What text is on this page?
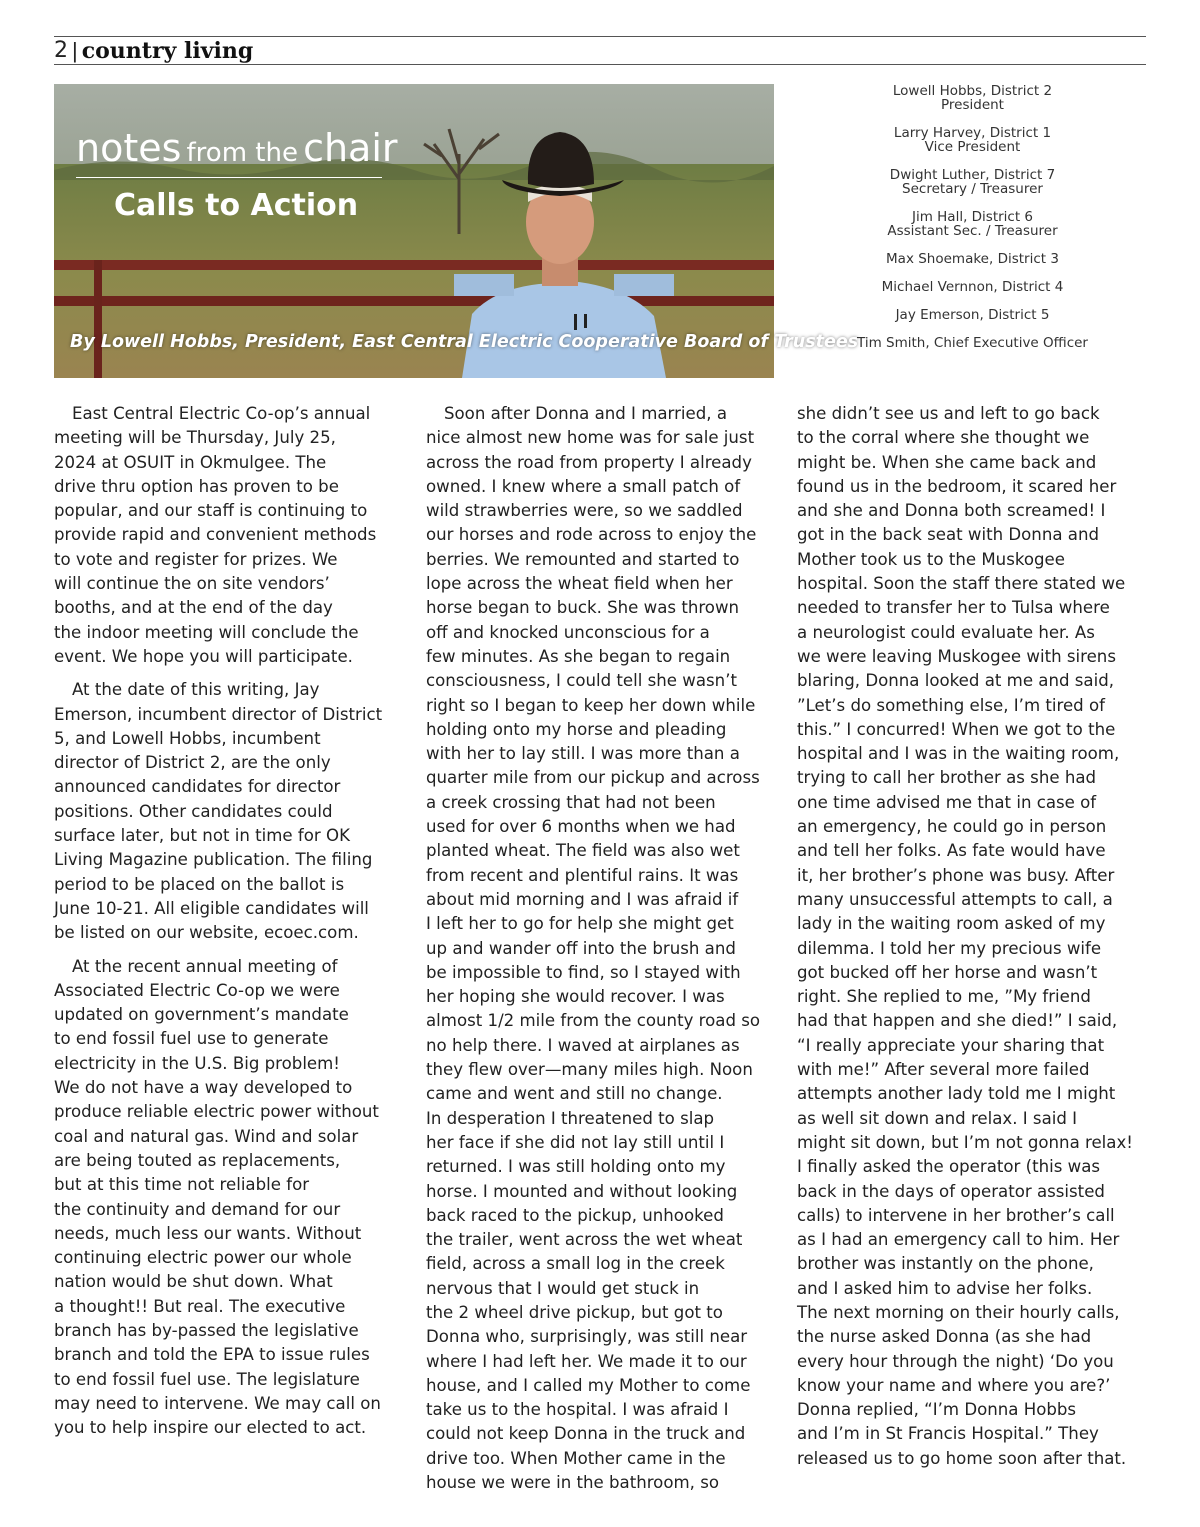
2 | country living
notes from the chair
Calls to Action
By Lowell Hobbs, President, East Central Electric Cooperative Board of Trustees
Lowell Hobbs, District 2
President
Larry Harvey, District 1
Vice President
Dwight Luther, District 7
Secretary / Treasurer
Jim Hall, District 6
Assistant Sec. / Treasurer
Max Shoemake, District 3
Michael Vernnon, District 4
Jay Emerson, District 5
Tim Smith, Chief Executive Officer

East Central Electric Co-op’s annual
meeting will be Thursday, July 25,
2024 at OSUIT in Okmulgee. The
drive thru option has proven to be
popular, and our staff is continuing to
provide rapid and convenient methods
to vote and register for prizes. We
will continue the on site vendors’
booths, and at the end of the day
the indoor meeting will conclude the
event. We hope you will participate.

At the date of this writing, Jay
Emerson, incumbent director of District
5, and Lowell Hobbs, incumbent
director of District 2, are the only
announced candidates for director
positions. Other candidates could
surface later, but not in time for OK
Living Magazine publication. The filing
period to be placed on the ballot is
June 10-21. All eligible candidates will
be listed on our website, ecoec.com.

At the recent annual meeting of
Associated Electric Co-op we were
updated on government’s mandate
to end fossil fuel use to generate
electricity in the U.S. Big problem!
We do not have a way developed to
produce reliable electric power without
coal and natural gas. Wind and solar
are being touted as replacements,
but at this time not reliable for
the continuity and demand for our
needs, much less our wants. Without
continuing electric power our whole
nation would be shut down. What
a thought!! But real. The executive
branch has by-passed the legislative
branch and told the EPA to issue rules
to end fossil fuel use. The legislature
may need to intervene. We may call on
you to help inspire our elected to act.

Soon after Donna and I married, a
nice almost new home was for sale just
across the road from property I already
owned. I knew where a small patch of
wild strawberries were, so we saddled
our horses and rode across to enjoy the
berries. We remounted and started to
lope across the wheat field when her
horse began to buck. She was thrown
off and knocked unconscious for a
few minutes. As she began to regain
consciousness, I could tell she wasn’t
right so I began to keep her down while
holding onto my horse and pleading
with her to lay still. I was more than a
quarter mile from our pickup and across
a creek crossing that had not been
used for over 6 months when we had
planted wheat. The field was also wet
from recent and plentiful rains. It was
about mid morning and I was afraid if
I left her to go for help she might get
up and wander off into the brush and
be impossible to find, so I stayed with
her hoping she would recover. I was
almost 1/2 mile from the county road so
no help there. I waved at airplanes as
they flew over—many miles high. Noon
came and went and still no change.
In desperation I threatened to slap
her face if she did not lay still until I
returned. I was still holding onto my
horse. I mounted and without looking
back raced to the pickup, unhooked
the trailer, went across the wet wheat
field, across a small log in the creek
nervous that I would get stuck in
the 2 wheel drive pickup, but got to
Donna who, surprisingly, was still near
where I had left her. We made it to our
house, and I called my Mother to come
take us to the hospital. I was afraid I
could not keep Donna in the truck and
drive too. When Mother came in the
house we were in the bathroom, so

she didn’t see us and left to go back
to the corral where she thought we
might be. When she came back and
found us in the bedroom, it scared her
and she and Donna both screamed! I
got in the back seat with Donna and
Mother took us to the Muskogee
hospital. Soon the staff there stated we
needed to transfer her to Tulsa where
a neurologist could evaluate her. As
we were leaving Muskogee with sirens
blaring, Donna looked at me and said,
”Let’s do something else, I’m tired of
this.” I concurred! When we got to the
hospital and I was in the waiting room,
trying to call her brother as she had
one time advised me that in case of
an emergency, he could go in person
and tell her folks. As fate would have
it, her brother’s phone was busy. After
many unsuccessful attempts to call, a
lady in the waiting room asked of my
dilemma. I told her my precious wife
got bucked off her horse and wasn’t
right. She replied to me, ”My friend
had that happen and she died!” I said,
“I really appreciate your sharing that
with me!” After several more failed
attempts another lady told me I might
as well sit down and relax. I said I
might sit down, but I’m not gonna relax!
I finally asked the operator (this was
back in the days of operator assisted
calls) to intervene in her brother’s call
as I had an emergency call to him. Her
brother was instantly on the phone,
and I asked him to advise her folks.
The next morning on their hourly calls,
the nurse asked Donna (as she had
every hour through the night) ‘Do you
know your name and where you are?’
Donna replied, “I’m Donna Hobbs
and I’m in St Francis Hospital.” They
released us to go home soon after that.
